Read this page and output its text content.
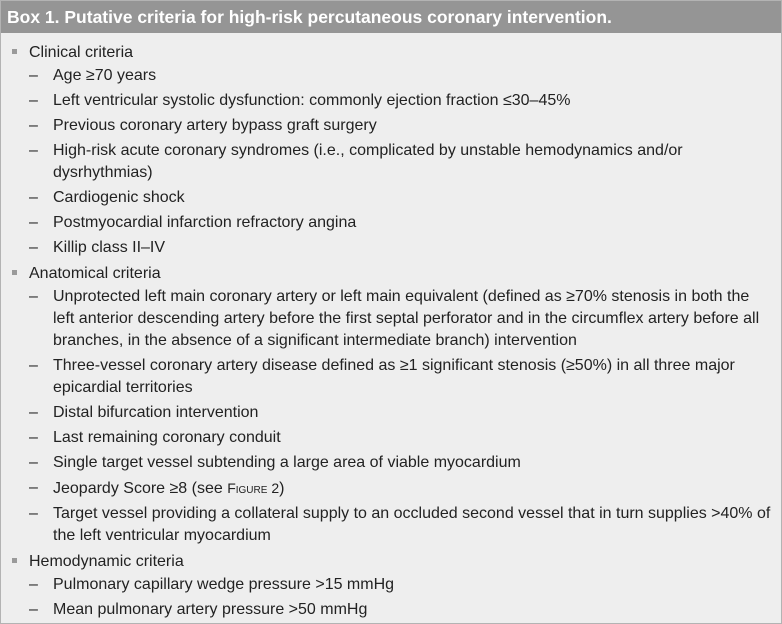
Box 1. Putative criteria for high-risk percutaneous coronary intervention.
Clinical criteria
– Age ≥70 years
– Left ventricular systolic dysfunction: commonly ejection fraction ≤30–45%
– Previous coronary artery bypass graft surgery
– High-risk acute coronary syndromes (i.e., complicated by unstable hemodynamics and/or dysrhythmias)
– Cardiogenic shock
– Postmyocardial infarction refractory angina
– Killip class II–IV
Anatomical criteria
– Unprotected left main coronary artery or left main equivalent (defined as ≥70% stenosis in both the left anterior descending artery before the first septal perforator and in the circumflex artery before all branches, in the absence of a significant intermediate branch) intervention
– Three-vessel coronary artery disease defined as ≥1 significant stenosis (≥50%) in all three major epicardial territories
– Distal bifurcation intervention
– Last remaining coronary conduit
– Single target vessel subtending a large area of viable myocardium
– Jeopardy Score ≥8 (see Figure 2)
– Target vessel providing a collateral supply to an occluded second vessel that in turn supplies >40% of the left ventricular myocardium
Hemodynamic criteria
– Pulmonary capillary wedge pressure >15 mmHg
– Mean pulmonary artery pressure >50 mmHg
